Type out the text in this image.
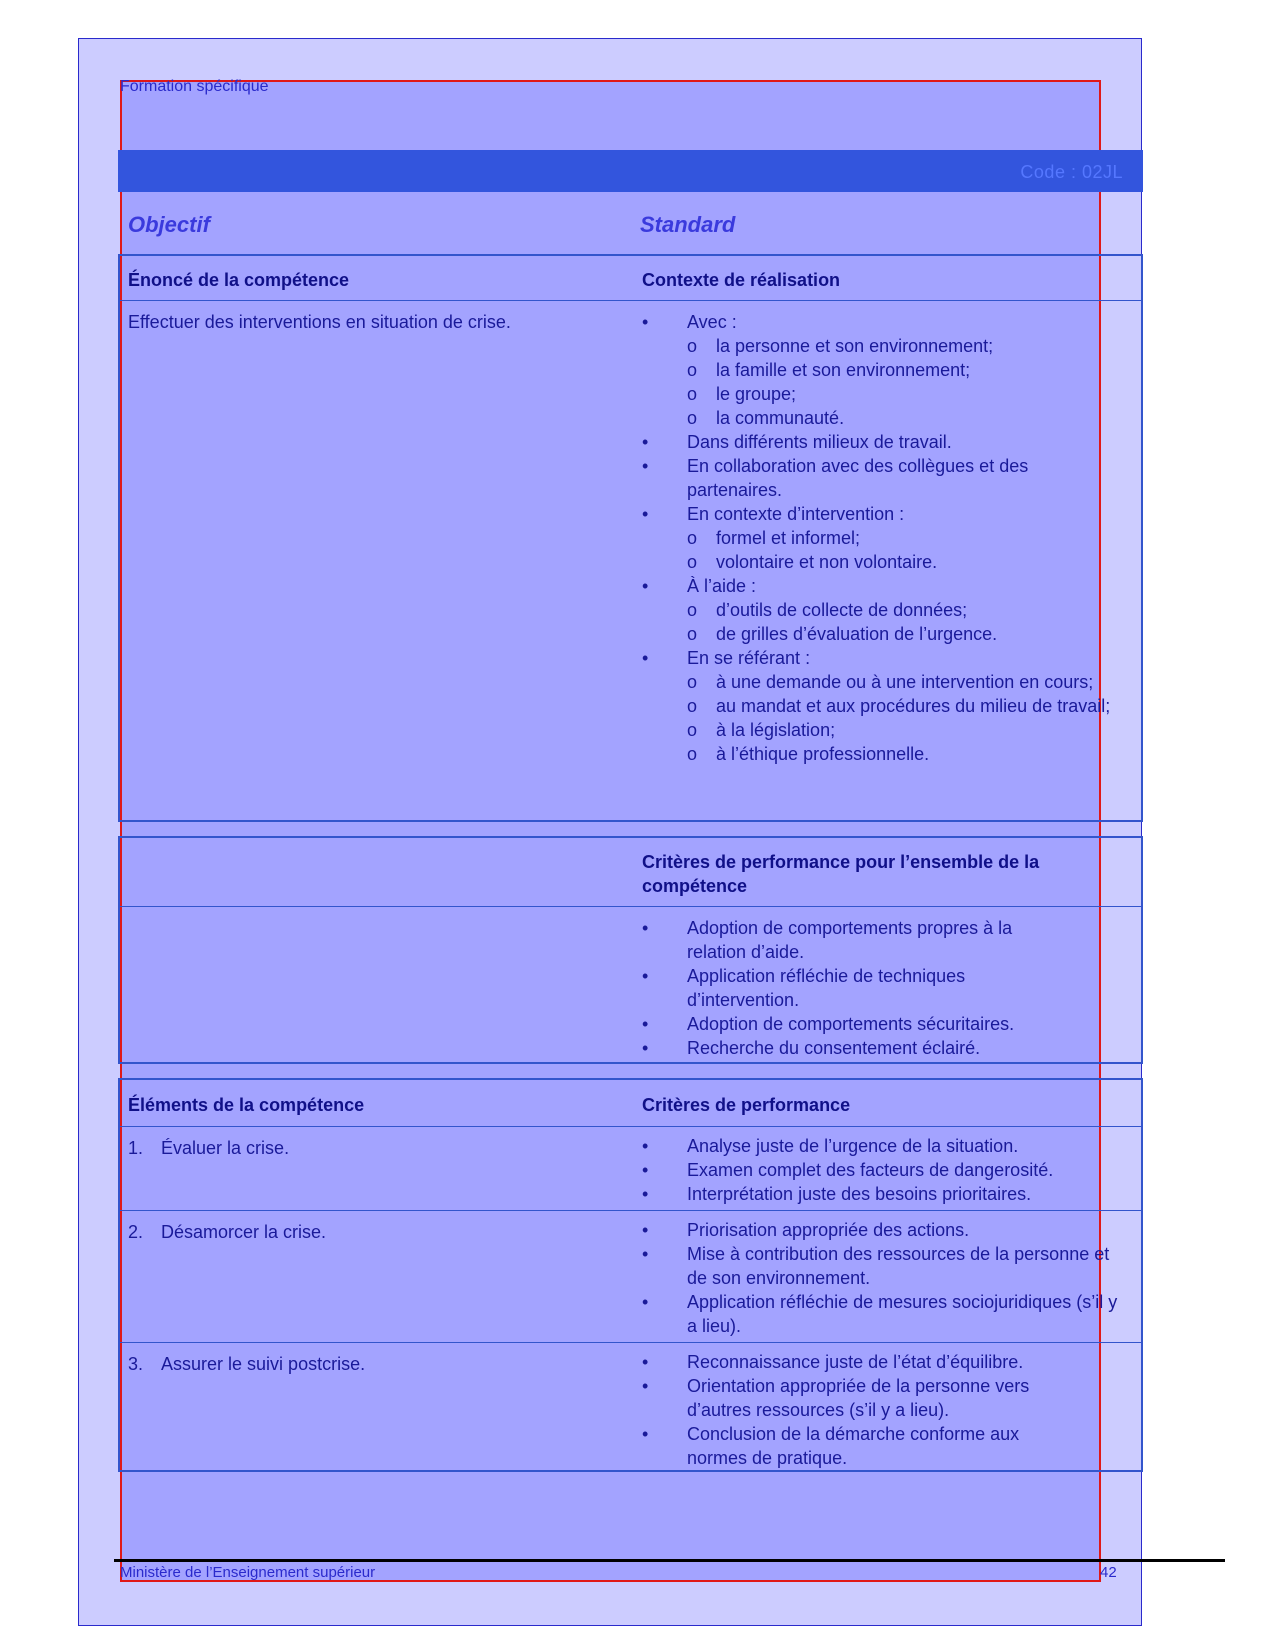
Formation spécifique
Code : 02JL
Objectif	Standard
Énoncé de la compétence	Contexte de réalisation
Effectuer des interventions en situation de crise.	• Avec :
o la personne et son environnement;
o la famille et son environnement;
o le groupe;
o la communauté.
• Dans différents milieux de travail.
• En collaboration avec des collègues et des partenaires.
• En contexte d’intervention :
o formel et informel;
o volontaire et non volontaire.
• À l’aide :
o d’outils de collecte de données;
o de grilles d’évaluation de l’urgence.
• En se référant :
o à une demande ou à une intervention en cours;
o au mandat et aux procédures du milieu de travail;
o à la législation;
o à l’éthique professionnelle.
Critères de performance pour l’ensemble de la compétence
• Adoption de comportements propres à la relation d’aide.
• Application réfléchie de techniques d’intervention.
• Adoption de comportements sécuritaires.
• Recherche du consentement éclairé.
Éléments de la compétence	Critères de performance
1. Évaluer la crise.	• Analyse juste de l’urgence de la situation.
• Examen complet des facteurs de dangerosité.
• Interprétation juste des besoins prioritaires.
2. Désamorcer la crise.	• Priorisation appropriée des actions.
• Mise à contribution des ressources de la personne et de son environnement.
• Application réfléchie de mesures sociojuridiques (s’il y a lieu).
3. Assurer le suivi postcrise.	• Reconnaissance juste de l’état d’équilibre.
• Orientation appropriée de la personne vers d’autres ressources (s’il y a lieu).
• Conclusion de la démarche conforme aux normes de pratique.
Ministère de l’Enseignement supérieur	42
